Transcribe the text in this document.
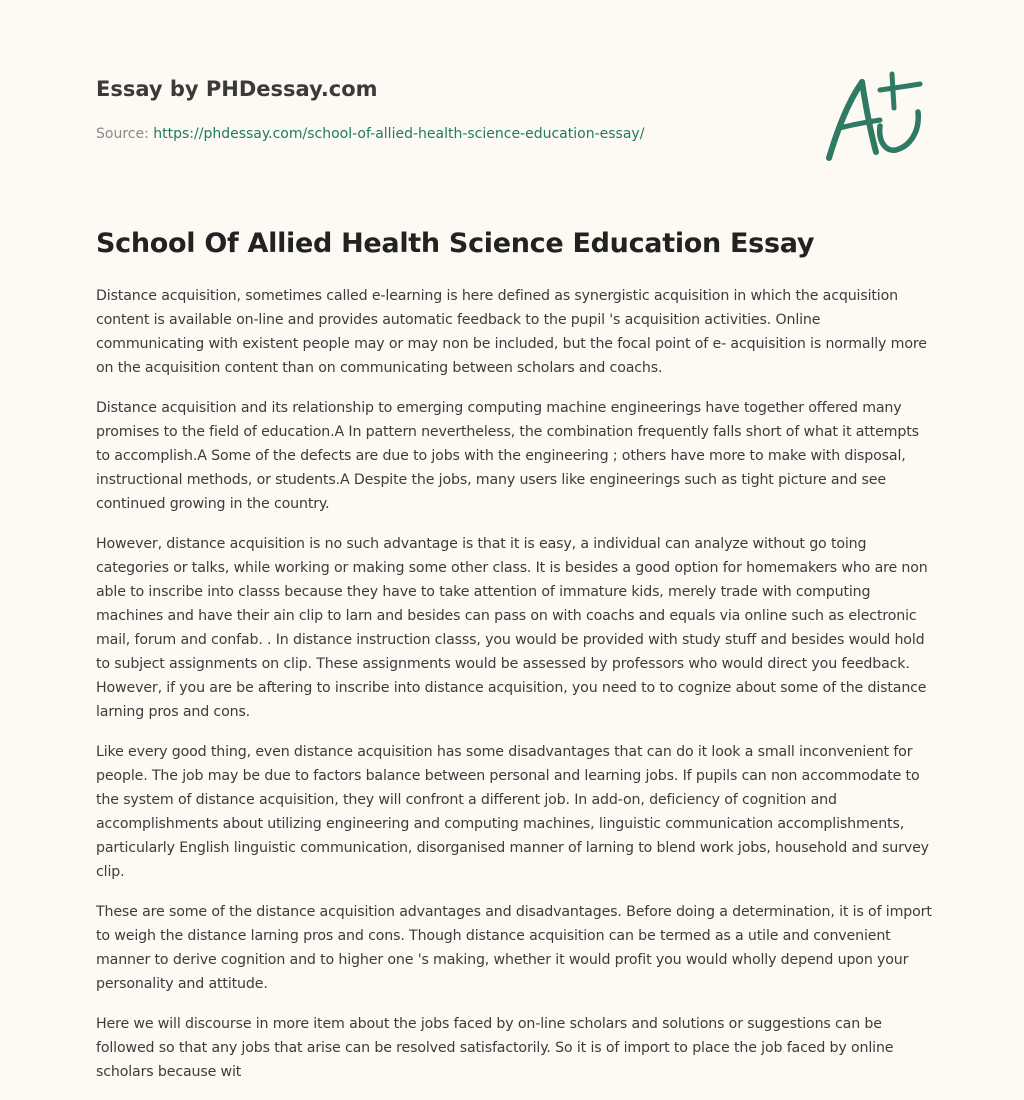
Essay by PHDessay.com
Source: https://phdessay.com/school-of-allied-health-science-education-essay/
School Of Allied Health Science Education Essay

Distance acquisition, sometimes called e-learning is here defined as synergistic acquisition in which the acquisition content is available on-line and provides automatic feedback to the pupil 's acquisition activities. Online communicating with existent people may or may non be included, but the focal point of e- acquisition is normally more on the acquisition content than on communicating between scholars and coachs.

Distance acquisition and its relationship to emerging computing machine engineerings have together offered many promises to the field of education.A In pattern nevertheless, the combination frequently falls short of what it attempts to accomplish.A Some of the defects are due to jobs with the engineering ; others have more to make with disposal, instructional methods, or students.A Despite the jobs, many users like engineerings such as tight picture and see continued growing in the country.

However, distance acquisition is no such advantage is that it is easy, a individual can analyze without go toing categories or talks, while working or making some other class. It is besides a good option for homemakers who are non able to inscribe into classs because they have to take attention of immature kids, merely trade with computing machines and have their ain clip to larn and besides can pass on with coachs and equals via online such as electronic mail, forum and confab. . In distance instruction classs, you would be provided with study stuff and besides would hold to subject assignments on clip. These assignments would be assessed by professors who would direct you feedback. However, if you are be aftering to inscribe into distance acquisition, you need to to cognize about some of the distance larning pros and cons.

Like every good thing, even distance acquisition has some disadvantages that can do it look a small inconvenient for people. The job may be due to factors balance between personal and learning jobs. If pupils can non accommodate to the system of distance acquisition, they will confront a different job. In add-on, deficiency of cognition and accomplishments about utilizing engineering and computing machines, linguistic communication accomplishments, particularly English linguistic communication, disorganised manner of larning to blend work jobs, household and survey clip.

These are some of the distance acquisition advantages and disadvantages. Before doing a determination, it is of import to weigh the distance larning pros and cons. Though distance acquisition can be termed as a utile and convenient manner to derive cognition and to higher one 's making, whether it would profit you would wholly depend upon your personality and attitude.

Here we will discourse in more item about the jobs faced by on-line scholars and solutions or suggestions can be followed so that any jobs that arise can be resolved satisfactorily. So it is of import to place the job faced by online scholars because wit
